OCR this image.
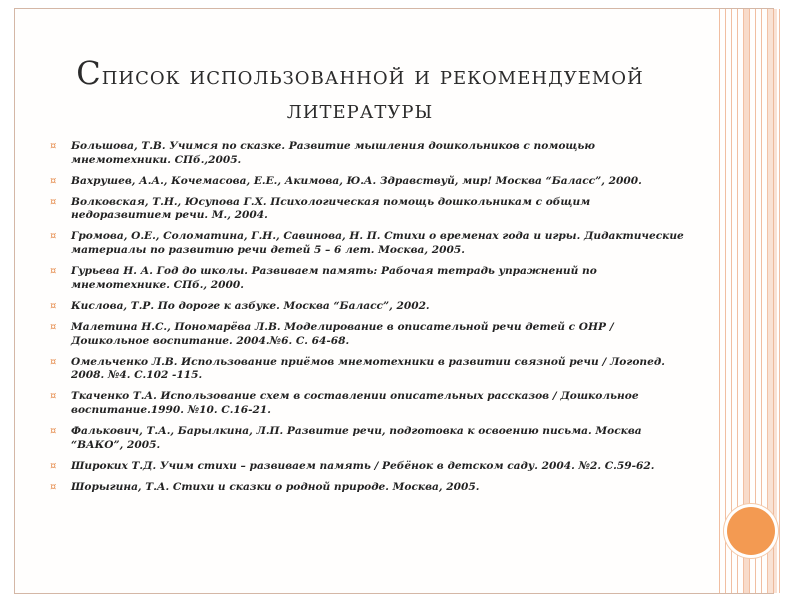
Список использованной и рекомендуемой
литературы
¤ Большова, Т.В. Учимся по сказке. Развитие мышления дошкольников с помощью мнемотехники. СПб.,2005.
¤ Вахрушев, А.А., Кочемасова, Е.Е., Акимова, Ю.А. Здравствуй, мир! Москва “Баласс”, 2000.
¤ Волковская, Т.Н., Юсупова Г.Х. Психологическая помощь дошкольникам с общим недоразвитием речи. М., 2004.
¤ Громова, О.Е., Соломатина, Г.Н., Савинова, Н. П. Стихи о временах года и игры. Дидактические материалы по развитию речи детей 5 – 6 лет. Москва, 2005.
¤ Гурьева Н. А. Год до школы. Развиваем память: Рабочая тетрадь упражнений по мнемотехнике. СПб., 2000.
¤ Кислова, Т.Р. По дороге к азбуке. Москва “Баласс”, 2002.
¤ Малетина Н.С., Пономарёва Л.В. Моделирование в описательной речи детей с ОНР / Дошкольное воспитание. 2004.№6. С. 64-68.
¤ Омельченко Л.В. Использование приёмов мнемотехники в развитии связной речи / Логопед. 2008. №4. С.102 -115.
¤ Ткаченко Т.А. Использование схем в составлении описательных рассказов / Дошкольное воспитание.1990. №10. С.16-21.
¤ Фалькович, Т.А., Барылкина, Л.П. Развитие речи, подготовка к освоению письма. Москва “ВАКО”, 2005.
¤ Широких Т.Д. Учим стихи – развиваем память / Ребёнок в детском саду. 2004. №2. С.59-62.
¤ Шорыгина, Т.А. Стихи и сказки о родной природе. Москва, 2005.
